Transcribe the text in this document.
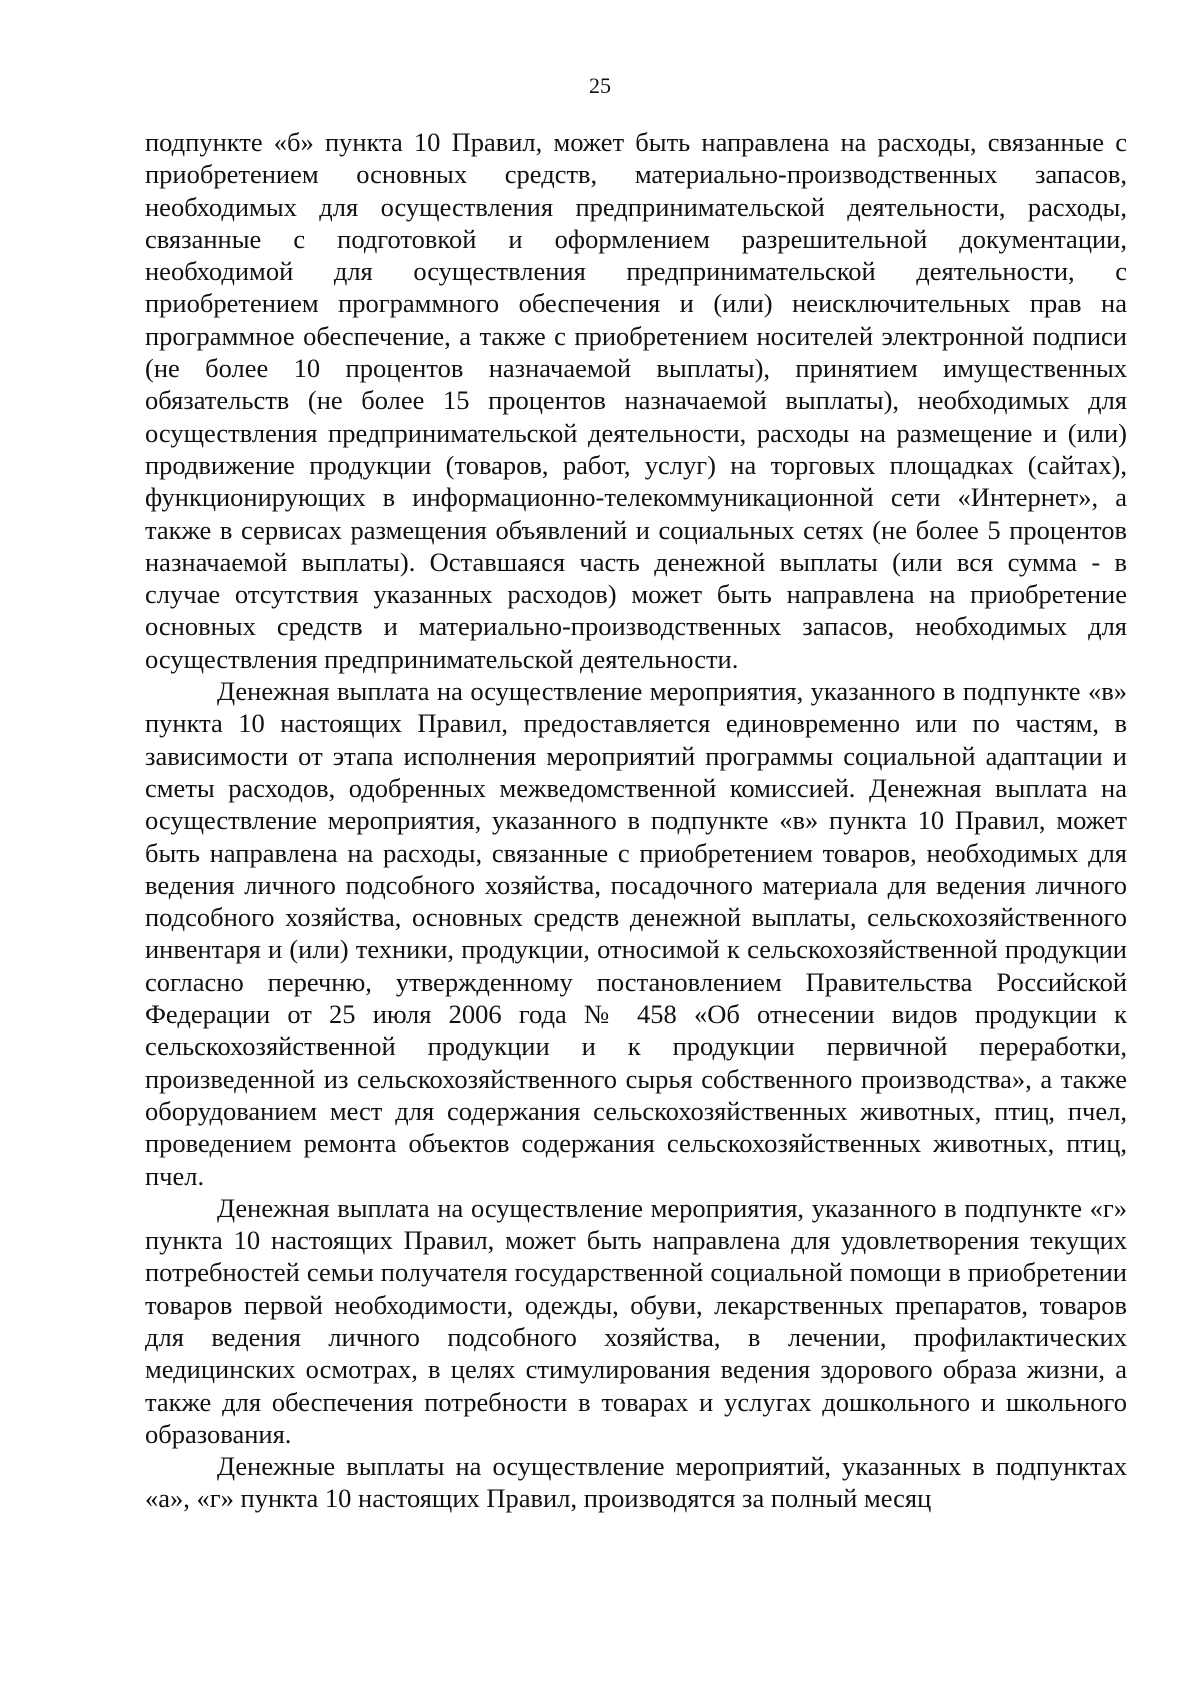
25

подпункте «б» пункта 10 Правил, может быть направлена на расходы, связанные с приобретением основных средств, материально-производственных запасов, необходимых для осуществления предпринимательской деятельности, расходы, связанные с подготовкой и оформлением разрешительной документации, необходимой для осуществления предпринимательской деятельности, с приобретением программного обеспечения и (или) неисключительных прав на программное обеспечение, а также с приобретением носителей электронной подписи (не более 10 процентов назначаемой выплаты), принятием имущественных обязательств (не более 15 процентов назначаемой выплаты), необходимых для осуществления предпринимательской деятельности, расходы на размещение и (или) продвижение продукции (товаров, работ, услуг) на торговых площадках (сайтах), функционирующих в информационно-телекоммуникационной сети «Интернет», а также в сервисах размещения объявлений и социальных сетях (не более 5 процентов назначаемой выплаты). Оставшаяся часть денежной выплаты (или вся сумма - в случае отсутствия указанных расходов) может быть направлена на приобретение основных средств и материально-производственных запасов, необходимых для осуществления предпринимательской деятельности.

Денежная выплата на осуществление мероприятия, указанного в подпункте «в» пункта 10 настоящих Правил, предоставляется единовременно или по частям, в зависимости от этапа исполнения мероприятий программы социальной адаптации и сметы расходов, одобренных межведомственной комиссией. Денежная выплата на осуществление мероприятия, указанного в подпункте «в» пункта 10 Правил, может быть направлена на расходы, связанные с приобретением товаров, необходимых для ведения личного подсобного хозяйства, посадочного материала для ведения личного подсобного хозяйства, основных средств денежной выплаты, сельскохозяйственного инвентаря и (или) техники, продукции, относимой к сельскохозяйственной продукции согласно перечню, утвержденному постановлением Правительства Российской Федерации от 25 июля 2006 года № 458 «Об отнесении видов продукции к сельскохозяйственной продукции и к продукции первичной переработки, произведенной из сельскохозяйственного сырья собственного производства», а также оборудованием мест для содержания сельскохозяйственных животных, птиц, пчел, проведением ремонта объектов содержания сельскохозяйственных животных, птиц, пчел.

Денежная выплата на осуществление мероприятия, указанного в подпункте «г» пункта 10 настоящих Правил, может быть направлена для удовлетворения текущих потребностей семьи получателя государственной социальной помощи в приобретении товаров первой необходимости, одежды, обуви, лекарственных препаратов, товаров для ведения личного подсобного хозяйства, в лечении, профилактических медицинских осмотрах, в целях стимулирования ведения здорового образа жизни, а также для обеспечения потребности в товарах и услугах дошкольного и школьного образования.

Денежные выплаты на осуществление мероприятий, указанных в подпунктах «а», «г» пункта 10 настоящих Правил, производятся за полный месяц
